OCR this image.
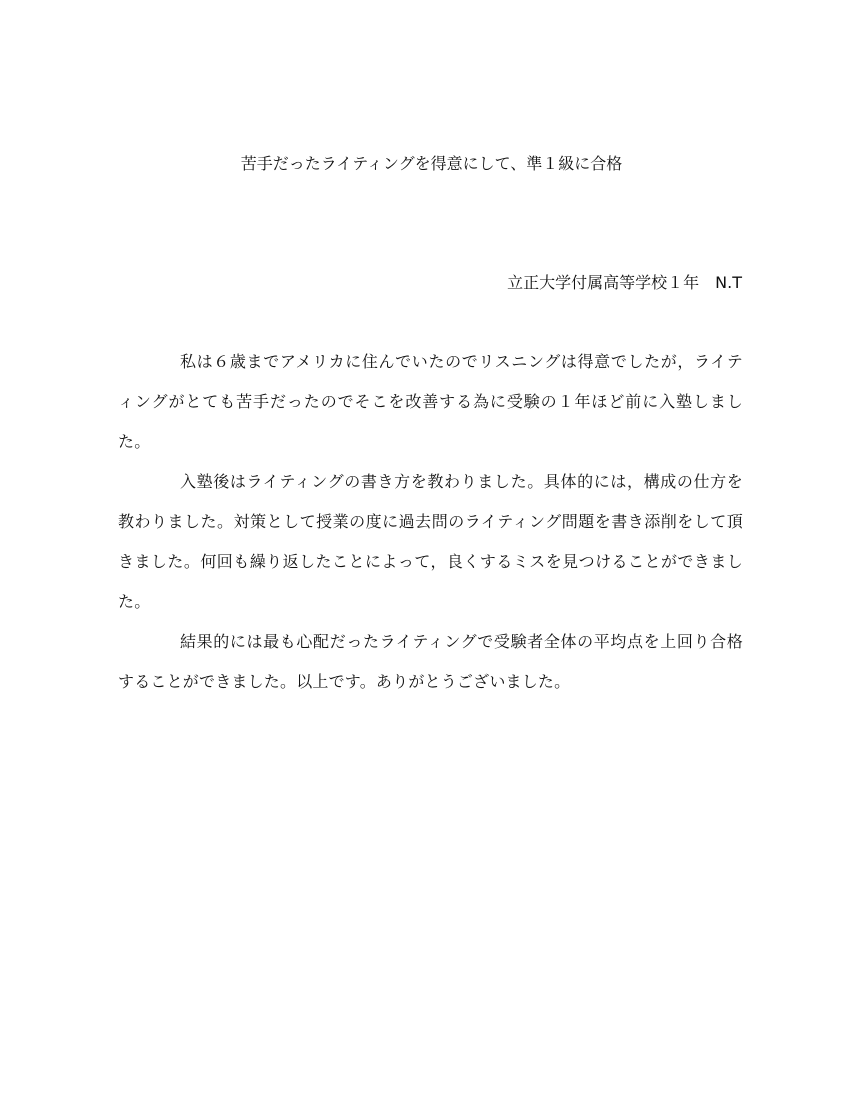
苦手だったライティングを得意にして、準１級に合格
立正大学付属高等学校１年　N.T

私は６歳までアメリカに住んでいたのでリスニングは得意でしたが，ライティングがとても苦手だったのでそこを改善する為に受験の１年ほど前に入塾しました。

入塾後はライティングの書き方を教わりました。具体的には，構成の仕方を教わりました。対策として授業の度に過去問のライティング問題を書き添削をして頂きました。何回も繰り返したことによって，良くするミスを見つけることができました。

結果的には最も心配だったライティングで受験者全体の平均点を上回り合格することができました。以上です。ありがとうございました。
